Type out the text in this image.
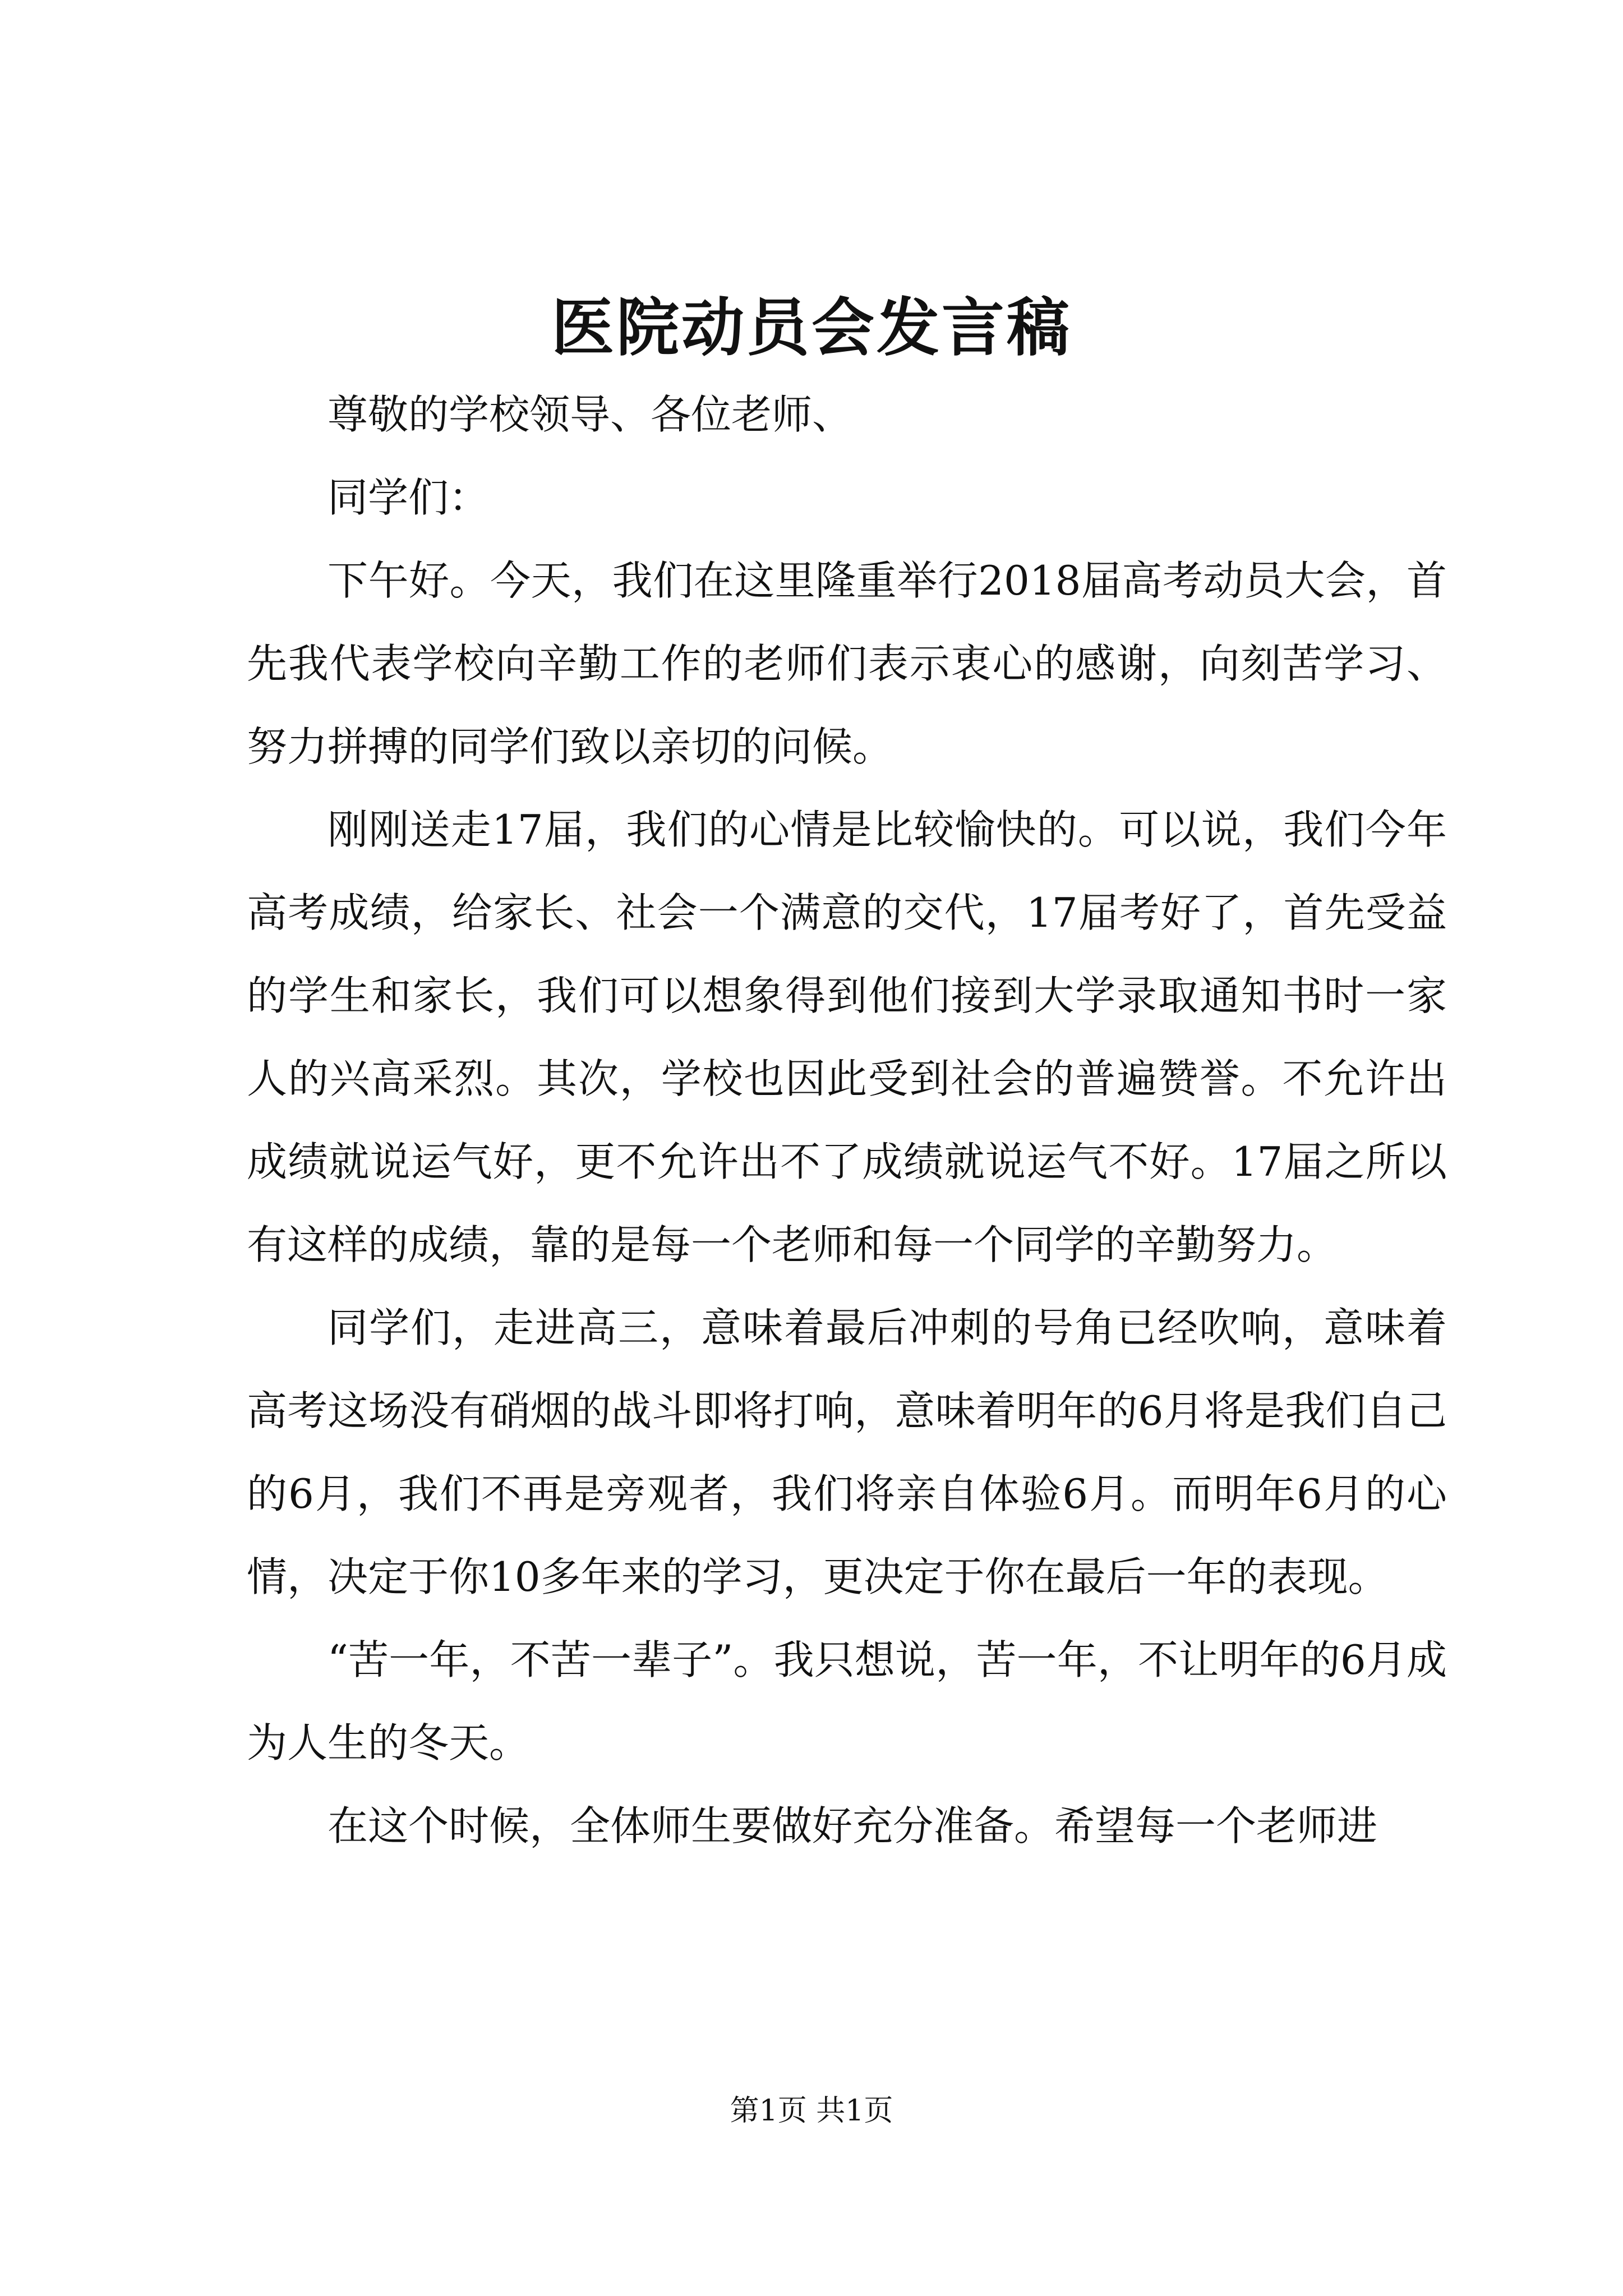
医院动员会发言稿

尊敬的学校领导、各位老师、

同学们：

下午好。今天，我们在这里隆重举行2018届高考动员大会，首先我代表学校向辛勤工作的老师们表示衷心的感谢，向刻苦学习、努力拼搏的同学们致以亲切的问候。

刚刚送走17届，我们的心情是比较愉快的。可以说，我们今年高考成绩，给家长、社会一个满意的交代，17届考好了，首先受益的学生和家长，我们可以想象得到他们接到大学录取通知书时一家人的兴高采烈。其次，学校也因此受到社会的普遍赞誉。不允许出成绩就说运气好，更不允许出不了成绩就说运气不好。17届之所以有这样的成绩，靠的是每一个老师和每一个同学的辛勤努力。

同学们，走进高三，意味着最后冲刺的号角已经吹响，意味着高考这场没有硝烟的战斗即将打响，意味着明年的6月将是我们自己的6月，我们不再是旁观者，我们将亲自体验6月。而明年6月的心情，决定于你10多年来的学习，更决定于你在最后一年的表现。

“苦一年，不苦一辈子”。我只想说，苦一年，不让明年的6月成为人生的冬天。

在这个时候，全体师生要做好充分准备。希望每一个老师进

第1页 共1页
